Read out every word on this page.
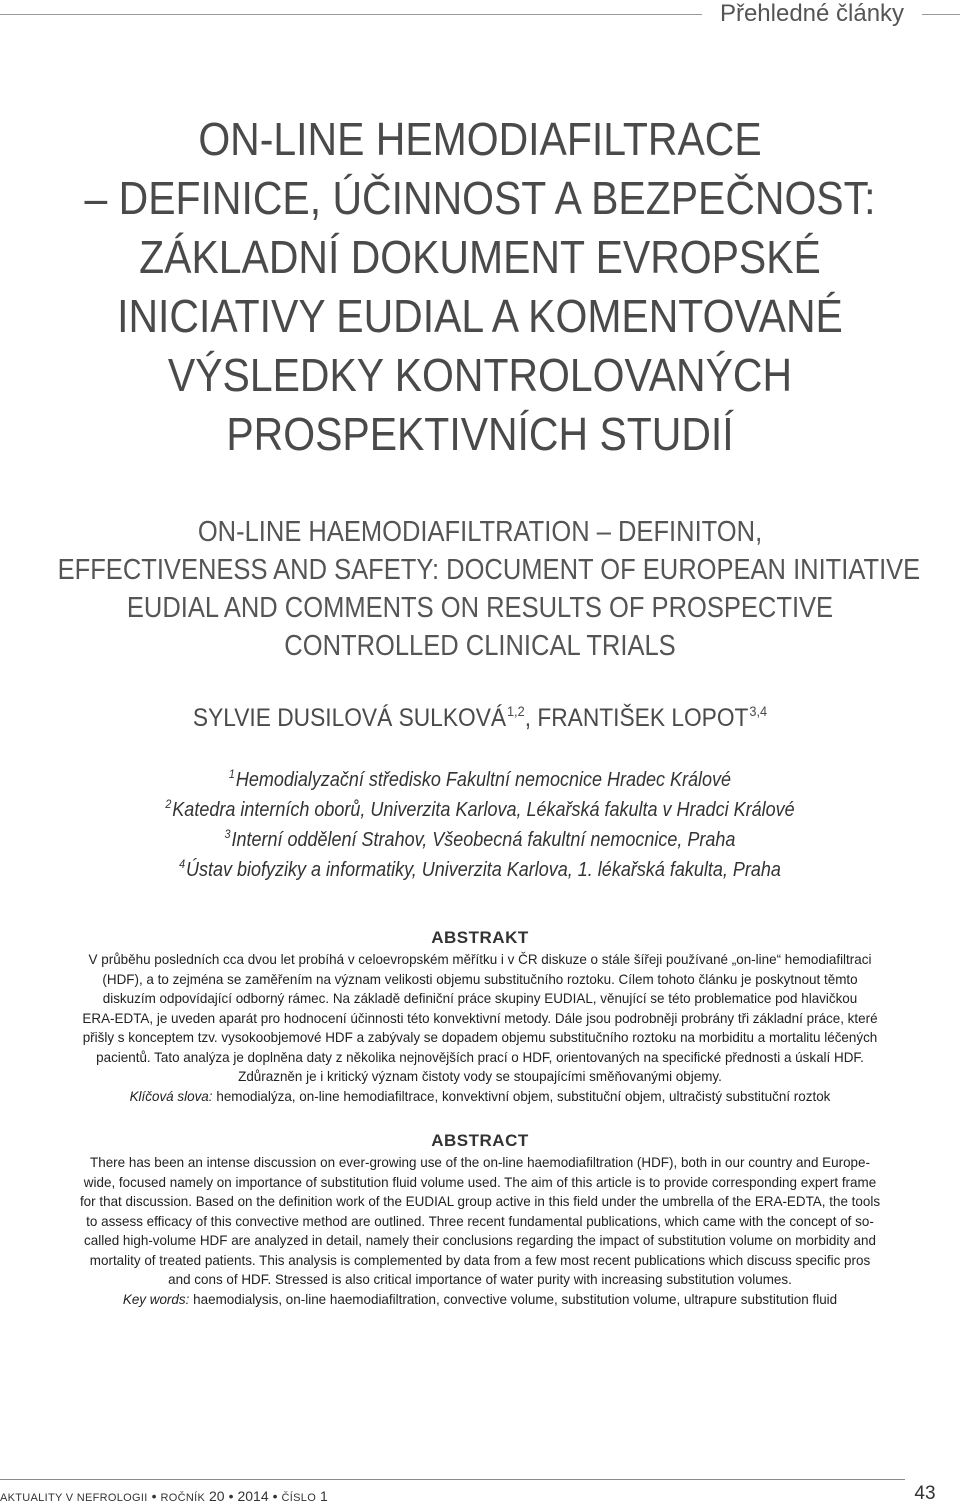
Přehledné články
ON-LINE HEMODIAFILTRACE
– DEFINICE, ÚČINNOST A BEZPEČNOST:
ZÁKLADNÍ DOKUMENT EVROPSKÉ
INICIATIVY EUDIAL A KOMENTOVANÉ
VÝSLEDKY KONTROLOVANÝCH
PROSPEKTIVNÍCH STUDIÍ
ON-LINE HAEMODIAFILTRATION – DEFINITON,
EFFECTIVENESS AND SAFETY: DOCUMENT OF EUROPEAN INITIATIVE
EUDIAL AND COMMENTS ON RESULTS OF PROSPECTIVE
CONTROLLED CLINICAL TRIALS
SYLVIE DUSILOVÁ SULKOVÁ$^{1,2}$, FRANTIŠEK LOPOT$^{3,4}$
$^1$Hemodialyzační středisko Fakultní nemocnice Hradec Králové
$^2$Katedra interních oborů, Univerzita Karlova, Lékařská fakulta v Hradci Králové
$^3$Interní oddělení Strahov, Všeobecná fakultní nemocnice, Praha
$^4$Ústav biofyziky a informatiky, Univerzita Karlova, 1. lékařská fakulta, Praha
ABSTRAKT
V průběhu posledních cca dvou let probíhá v celoevropském měřítku i v ČR diskuze o stále šířeji používané „on-line“ hemodiafiltraci
(HDF), a to zejména se zaměřením na význam velikosti objemu substitučního roztoku. Cílem tohoto článku je poskytnout těmto
diskuzím odpovídající odborný rámec. Na základě definiční práce skupiny EUDIAL, věnující se této problematice pod hlavičkou
ERA-EDTA, je uveden aparát pro hodnocení účinnosti této konvektivní metody. Dále jsou podrobněji probrány tři základní práce, které
přišly s konceptem tzv. vysokoobjemové HDF a zabývaly se dopadem objemu substitučního roztoku na morbiditu a mortalitu léčených
pacientů. Tato analýza je doplněna daty z několika nejnovějších prací o HDF, orientovaných na specifické přednosti a úskalí HDF.
Zdůrazněn je i kritický význam čistoty vody se stoupajícími směňovanými objemy.
Klíčová slova: hemodialýza, on-line hemodiafiltrace, konvektivní objem, substituční objem, ultračistý substituční roztok
ABSTRACT
There has been an intense discussion on ever-growing use of the on-line haemodiafiltration (HDF), both in our country and Europe-
wide, focused namely on importance of substitution fluid volume used. The aim of this article is to provide corresponding expert frame
for that discussion. Based on the definition work of the EUDIAL group active in this field under the umbrella of the ERA-EDTA, the tools
to assess efficacy of this convective method are outlined. Three recent fundamental publications, which came with the concept of so-
called high-volume HDF are analyzed in detail, namely their conclusions regarding the impact of substitution volume on morbidity and
mortality of treated patients. This analysis is complemented by data from a few most recent publications which discuss specific pros
and cons of HDF. Stressed is also critical importance of water purity with increasing substitution volumes.
Key words: haemodialysis, on-line haemodiafiltration, convective volume, substitution volume, ultrapure substitution fluid
AKTUALITY V NEFROLOGII • ROČNÍK 20 • 2014 • ČÍSLO 1	43
